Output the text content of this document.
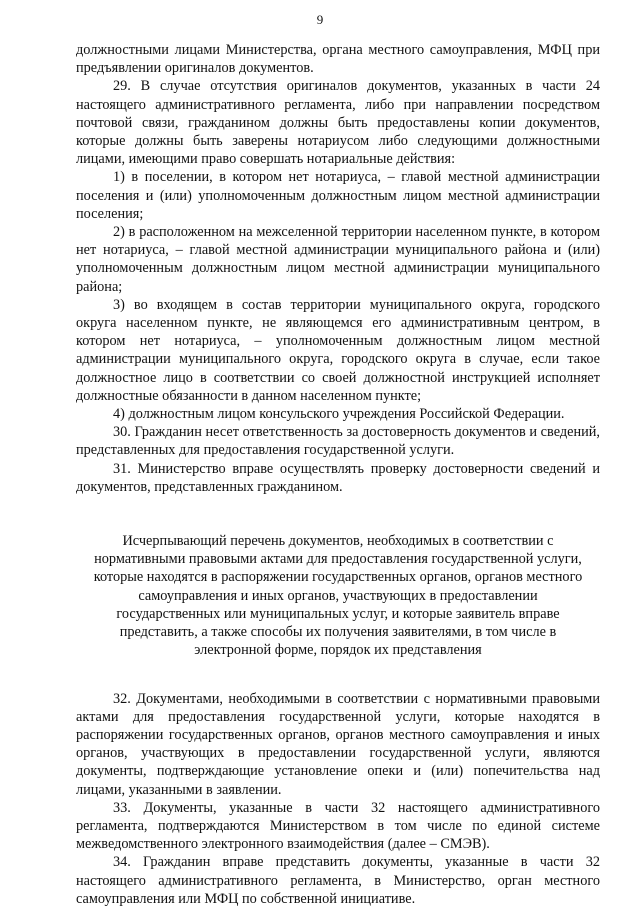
9

должностными лицами Министерства, органа местного самоуправления, МФЦ при предъявлении оригиналов документов.

29. В случае отсутствия оригиналов документов, указанных в части 24 настоящего административного регламента, либо при направлении посредством почтовой связи, гражданином должны быть предоставлены копии документов, которые должны быть заверены нотариусом либо следующими должностными лицами, имеющими право совершать нотариальные действия:

1) в поселении, в котором нет нотариуса, – главой местной администрации поселения и (или) уполномоченным должностным лицом местной администрации поселения;

2) в расположенном на межселенной территории населенном пункте, в котором нет нотариуса, – главой местной администрации муниципального района и (или) уполномоченным должностным лицом местной администрации муниципального района;

3) во входящем в состав территории муниципального округа, городского округа населенном пункте, не являющемся его административным центром, в котором нет нотариуса, – уполномоченным должностным лицом местной администрации муниципального округа, городского округа в случае, если такое должностное лицо в соответствии со своей должностной инструкцией исполняет должностные обязанности в данном населенном пункте;

4) должностным лицом консульского учреждения Российской Федерации.

30. Гражданин несет ответственность за достоверность документов и сведений, представленных для предоставления государственной услуги.

31. Министерство вправе осуществлять проверку достоверности сведений и документов, представленных гражданином.

Исчерпывающий перечень документов, необходимых в соответствии с нормативными правовыми актами для предоставления государственной услуги, которые находятся в распоряжении государственных органов, органов местного самоуправления и иных органов, участвующих в предоставлении государственных или муниципальных услуг, и которые заявитель вправе представить, а также способы их получения заявителями, в том числе в электронной форме, порядок их представления

32. Документами, необходимыми в соответствии с нормативными правовыми актами для предоставления государственной услуги, которые находятся в распоряжении государственных органов, органов местного самоуправления и иных органов, участвующих в предоставлении государственной услуги, являются документы, подтверждающие установление опеки и (или) попечительства над лицами, указанными в заявлении.

33. Документы, указанные в части 32 настоящего административного регламента, подтверждаются Министерством в том числе по единой системе межведомственного электронного взаимодействия (далее – СМЭВ).

34. Гражданин вправе представить документы, указанные в части 32 настоящего административного регламента, в Министерство, орган местного самоуправления или МФЦ по собственной инициативе.
